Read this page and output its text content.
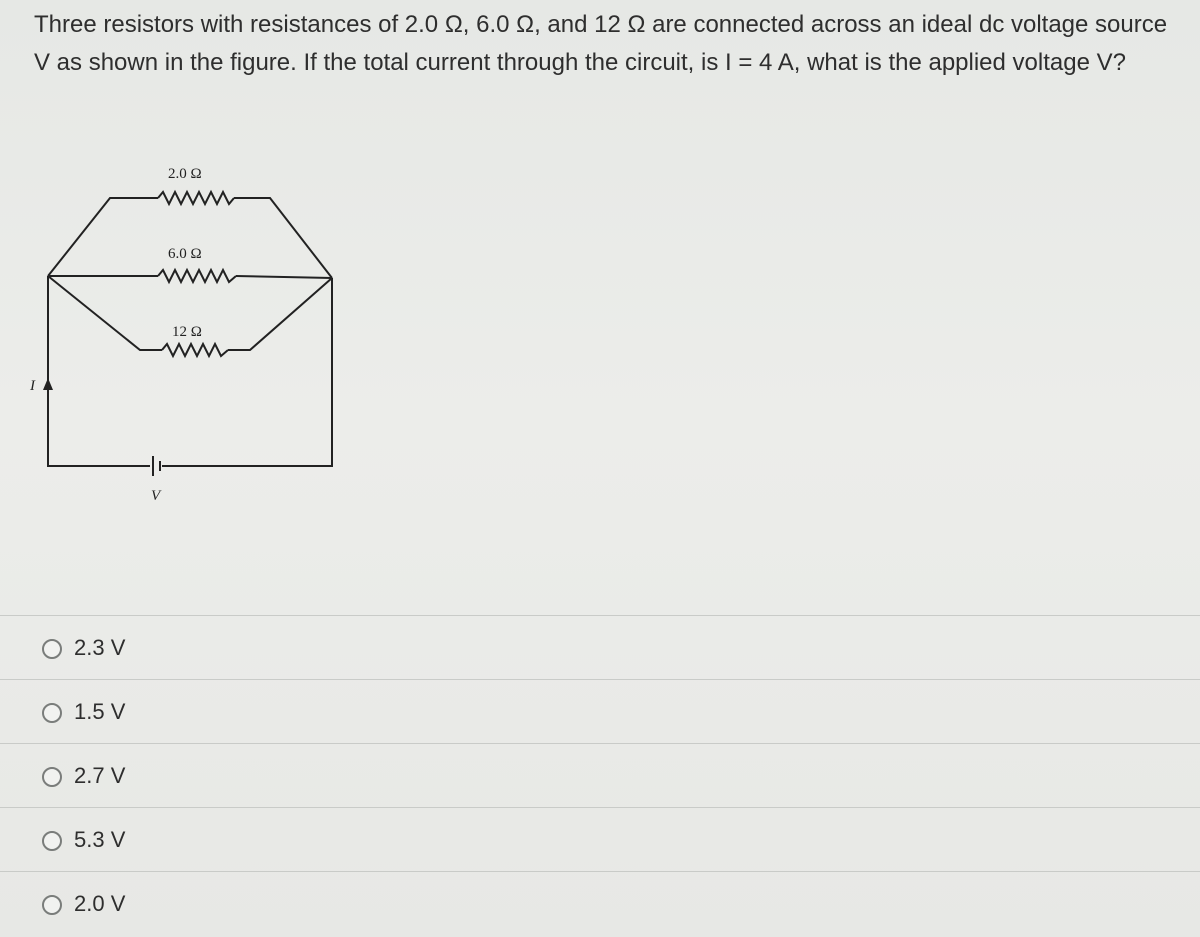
Three resistors with resistances of 2.0 Ω, 6.0 Ω, and 12 Ω are connected across an ideal dc voltage source V as shown in the figure. If the total current through the circuit, is I = 4 A, what is the applied voltage V?

2.0 Ω
6.0 Ω
12 Ω
I
V
2.3 V
1.5 V
2.7 V
5.3 V
2.0 V
